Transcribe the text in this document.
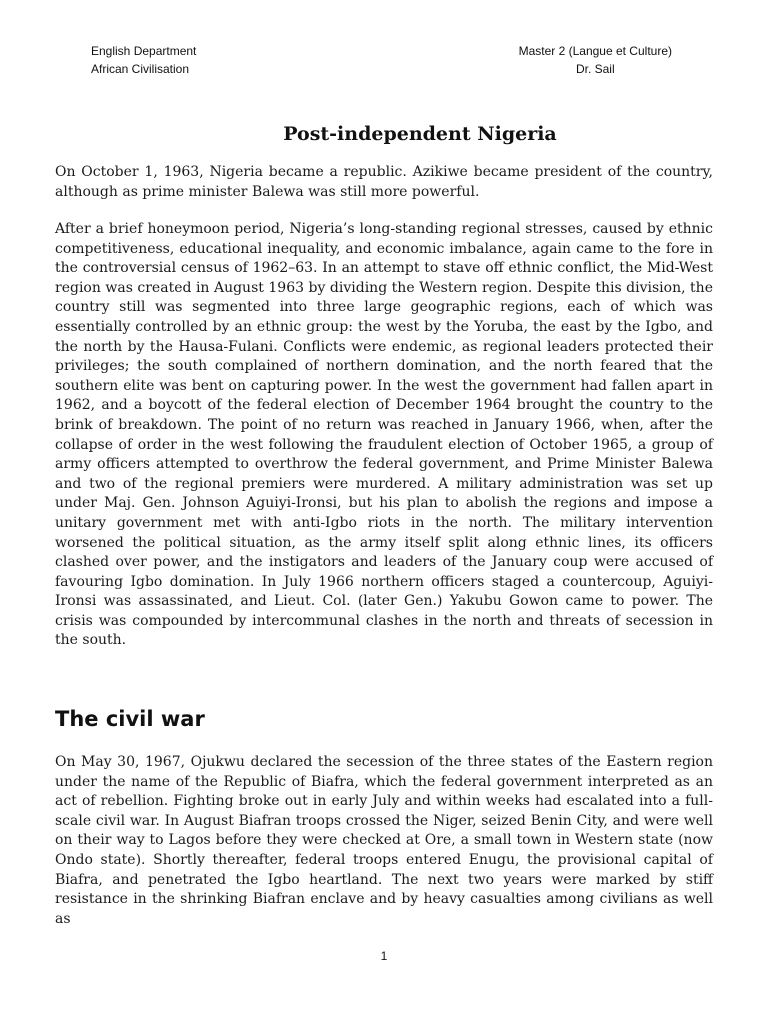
English Department
African Civilisation
Master 2 (Langue et Culture)
Dr. Sail
Post-independent Nigeria

On October 1, 1963, Nigeria became a republic. Azikiwe became president of the country, although as prime minister Balewa was still more powerful.

After a brief honeymoon period, Nigeria’s long-standing regional stresses, caused by ethnic competitiveness, educational inequality, and economic imbalance, again came to the fore in the controversial census of 1962–63. In an attempt to stave off ethnic conflict, the Mid-West region was created in August 1963 by dividing the Western region. Despite this division, the country still was segmented into three large geographic regions, each of which was essentially controlled by an ethnic group: the west by the Yoruba, the east by the Igbo, and the north by the Hausa-Fulani. Conflicts were endemic, as regional leaders protected their privileges; the south complained of northern domination, and the north feared that the southern elite was bent on capturing power. In the west the government had fallen apart in 1962, and a boycott of the federal election of December 1964 brought the country to the brink of breakdown. The point of no return was reached in January 1966, when, after the collapse of order in the west following the fraudulent election of October 1965, a group of army officers attempted to overthrow the federal government, and Prime Minister Balewa and two of the regional premiers were murdered. A military administration was set up under Maj. Gen. Johnson Aguiyi-Ironsi, but his plan to abolish the regions and impose a unitary government met with anti-Igbo riots in the north. The military intervention worsened the political situation, as the army itself split along ethnic lines, its officers clashed over power, and the instigators and leaders of the January coup were accused of favouring Igbo domination. In July 1966 northern officers staged a countercoup, Aguiyi-Ironsi was assassinated, and Lieut. Col. (later Gen.) Yakubu Gowon came to power. The crisis was compounded by intercommunal clashes in the north and threats of secession in the south.

The civil war

On May 30, 1967, Ojukwu declared the secession of the three states of the Eastern region under the name of the Republic of Biafra, which the federal government interpreted as an act of rebellion. Fighting broke out in early July and within weeks had escalated into a full-scale civil war. In August Biafran troops crossed the Niger, seized Benin City, and were well on their way to Lagos before they were checked at Ore, a small town in Western state (now Ondo state). Shortly thereafter, federal troops entered Enugu, the provisional capital of Biafra, and penetrated the Igbo heartland. The next two years were marked by stiff resistance in the shrinking Biafran enclave and by heavy casualties among civilians as well as

1
